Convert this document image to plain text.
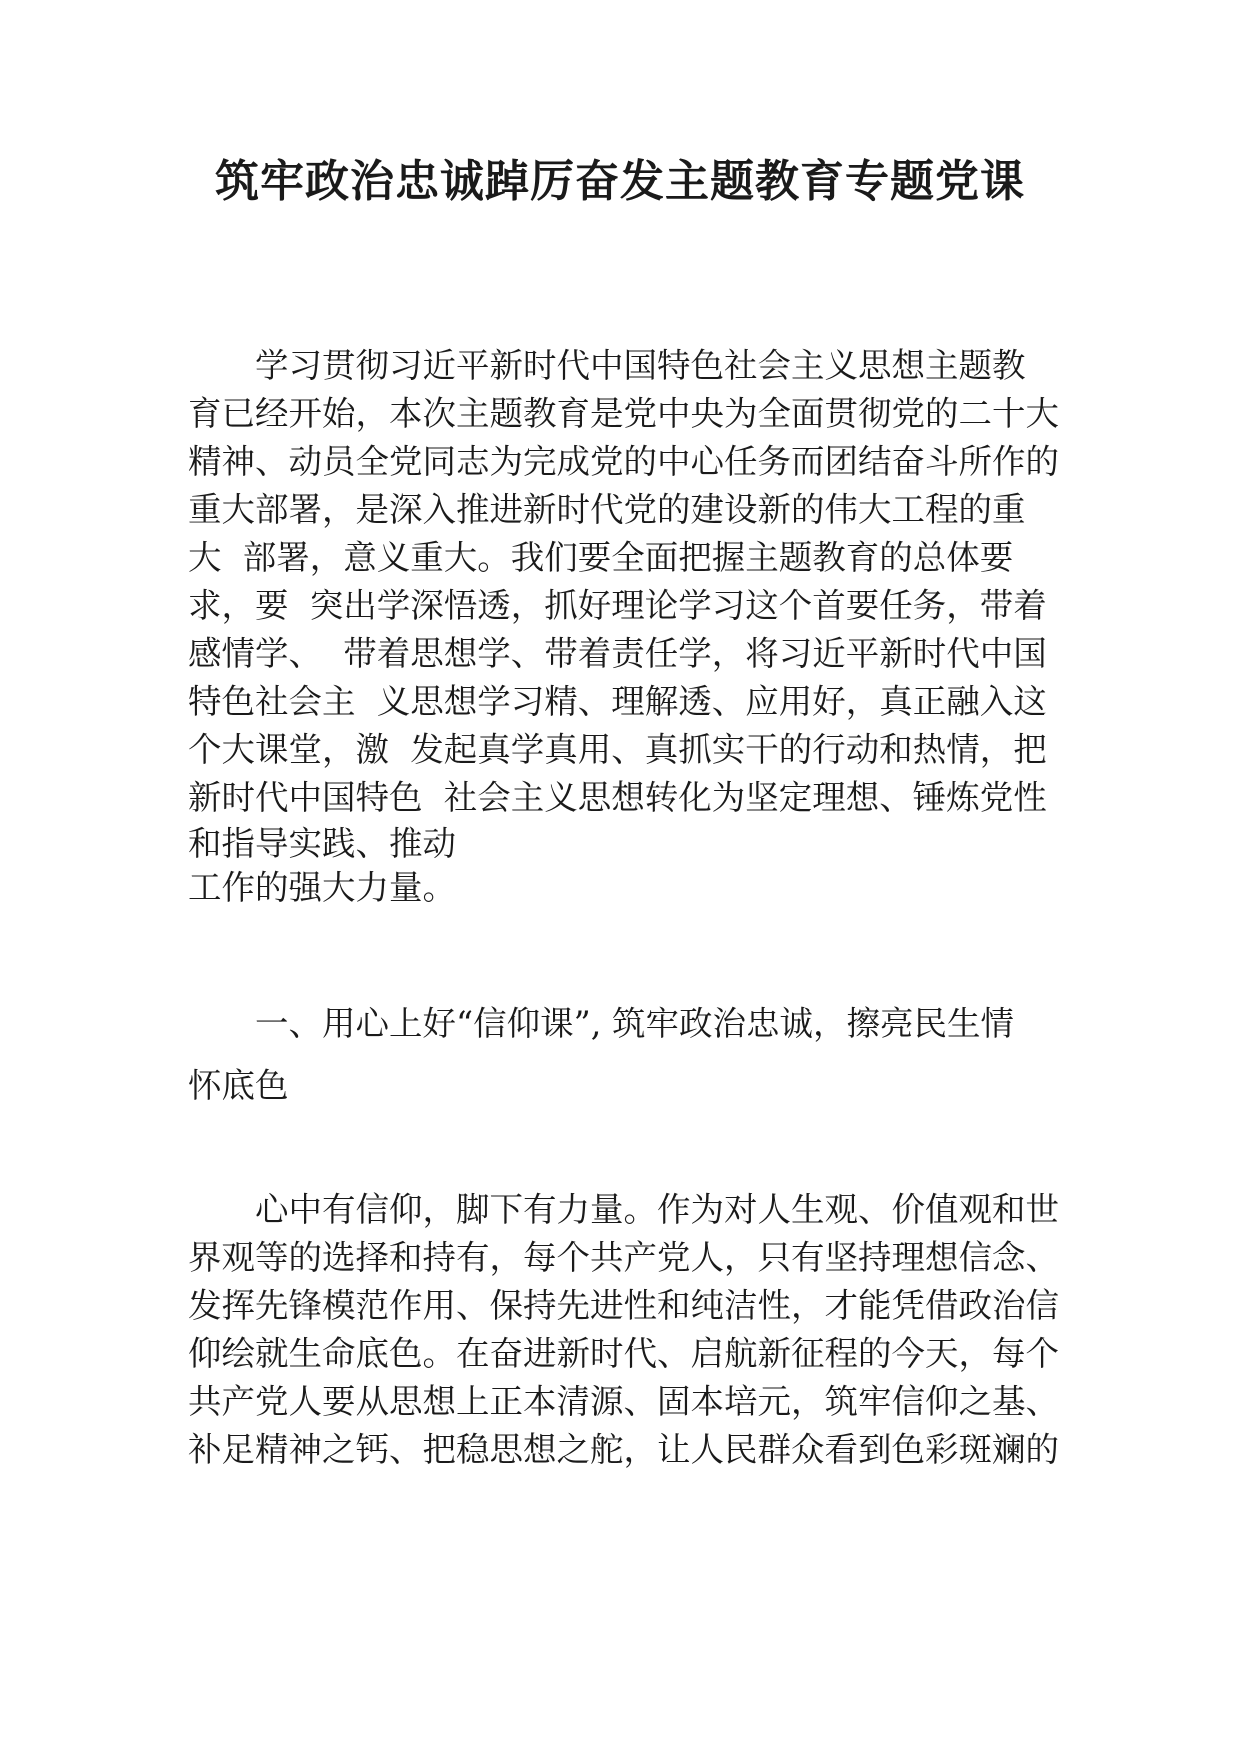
筑牢政治忠诚踔厉奋发主题教育专题党课
　　学习贯彻习近平新时代中国特色社会主义思想主题教
育已经开始，本次主题教育是党中央为全面贯彻党的二十大
精神、动员全党同志为完成党的中心任务而团结奋斗所作的
重大部署，是深入推进新时代党的建设新的伟大工程的重
大  部署，意义重大。我们要全面把握主题教育的总体要
求，要  突出学深悟透，抓好理论学习这个首要任务，带着
感情学、  带着思想学、带着责任学，将习近平新时代中国
特色社会主  义思想学习精、理解透、应用好，真正融入这
个大课堂，激  发起真学真用、真抓实干的行动和热情，把
新时代中国特色  社会主义思想转化为坚定理想、锤炼党性
和指导实践、推动
工作的强大力量。
　　一、用心上好“信仰课”, 筑牢政治忠诚，擦亮民生情
怀底色
　　心中有信仰，脚下有力量。作为对人生观、价值观和世
界观等的选择和持有，每个共产党人，只有坚持理想信念、
发挥先锋模范作用、保持先进性和纯洁性，才能凭借政治信
仰绘就生命底色。在奋进新时代、启航新征程的今天，每个
共产党人要从思想上正本清源、固本培元，筑牢信仰之基、
补足精神之钙、把稳思想之舵，让人民群众看到色彩斑斓的
